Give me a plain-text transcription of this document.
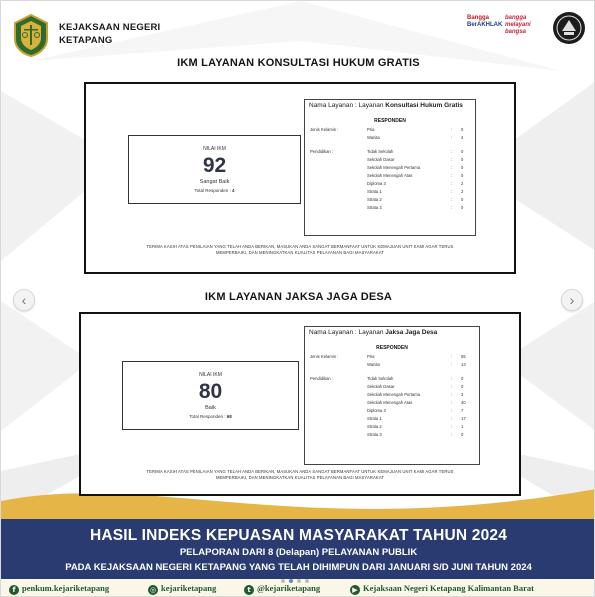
KEJAKSAAN NEGERI
KETAPANG
Bangga
BerAKHLAK
bangga
melayani
bangsa
IKM LAYANAN KONSULTASI HUKUM GRATIS
NILAI IKM
92
Sangat Baik
Total Responden : 4
Nama Layanan : Layanan Konsultasi Hukum Gratis
RESPONDEN
Jenis Kelamin :	Pria	: 0
Wanita	: 4
Pendidikan :	Tidak Sekolah	: 0
Sekolah Dasar	: 0
Sekolah Menengah Pertama	: 0
Sekolah Menengah Atas	: 0
Diploma 3	: 2
Strata 1	: 2
Strata 2	: 0
Strata 3	: 0
TERIMA KASIH ATAS PENILAIAN YANG TELAH ANDA BERIKAN, MASUKAN ANDA SANGAT BERMANFAAT UNTUK KEMAJUAN UNIT KAMI AGAR TERUS
MEMPERBAIKI, DAN MENINGKATKAN KUALITAS PELAYANAN BAGI MASYARAKAT
IKM LAYANAN JAKSA JAGA DESA
NILAI IKM
80
Baik
Total Responden : 68
Nama Layanan : Layanan Jaksa Jaga Desa
RESPONDEN
Jenis Kelamin :	Pria	: 55
Wanita	: 13
Pendidikan :	Tidak Sekolah	: 0
Sekolah Dasar	: 0
Sekolah Menengah Pertama	: 3
Sekolah Menengah Atas	: 40
Diploma 3	: 7
Strata 1	: 17
Strata 2	: 1
Strata 3	: 0
TERIMA KASIH ATAS PENILAIAN YANG TELAH ANDA BERIKAN, MASUKAN ANDA SANGAT BERMANFAAT UNTUK KEMAJUAN UNIT KAMI AGAR TERUS
MEMPERBAIKI, DAN MENINGKATKAN KUALITAS PELAYANAN BAGI MASYARAKAT
‹	›
HASIL INDEKS KEPUASAN MASYARAKAT TAHUN 2024
PELAPORAN DARI 8 (Delapan) PELAYANAN PUBLIK
PADA KEJAKSAAN NEGERI KETAPANG YANG TELAH DIHIMPUN DARI JANUARI S/D JUNI TAHUN 2024
f penkum.kejariketapang	◎ kejariketapang	t @kejariketapang	▶ Kejaksaan Negeri Ketapang Kalimantan Barat
